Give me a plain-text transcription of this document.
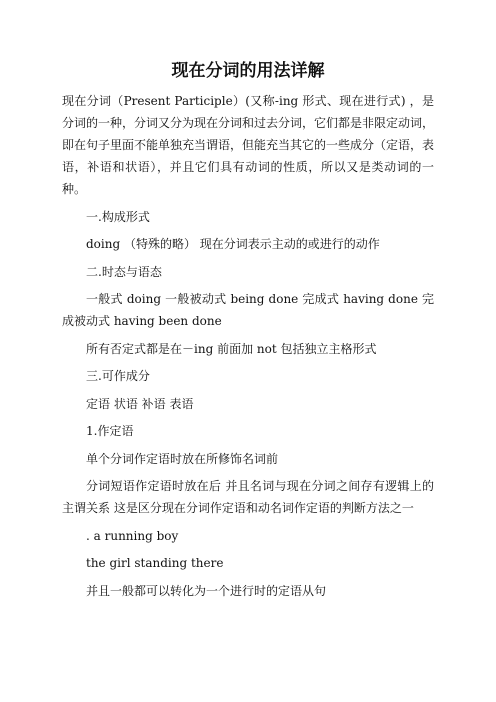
现在分词的用法详解

现在分词（Present Participle）(又称-ing 形式、现在进行式) ，是分词的一种，分词又分为现在分词和过去分词，它们都是非限定动词，即在句子里面不能单独充当谓语，但能充当其它的一些成分（定语，表语，补语和状语），并且它们具有动词的性质，所以又是类动词的一种。

一.构成形式

doing （特殊的略） 现在分词表示主动的或进行的动作

二.时态与语态

一般式 doing 一般被动式 being done 完成式 having done 完成被动式 having been done

所有否定式都是在－ing 前面加 not 包括独立主格形式

三.可作成分

定语 状语 补语 表语

1.作定语

单个分词作定语时放在所修饰名词前

分词短语作定语时放在后 并且名词与现在分词之间存有逻辑上的主谓关系 这是区分现在分词作定语和动名词作定语的判断方法之一

. a running boy

the girl standing there

并且一般都可以转化为一个进行时的定语从句
